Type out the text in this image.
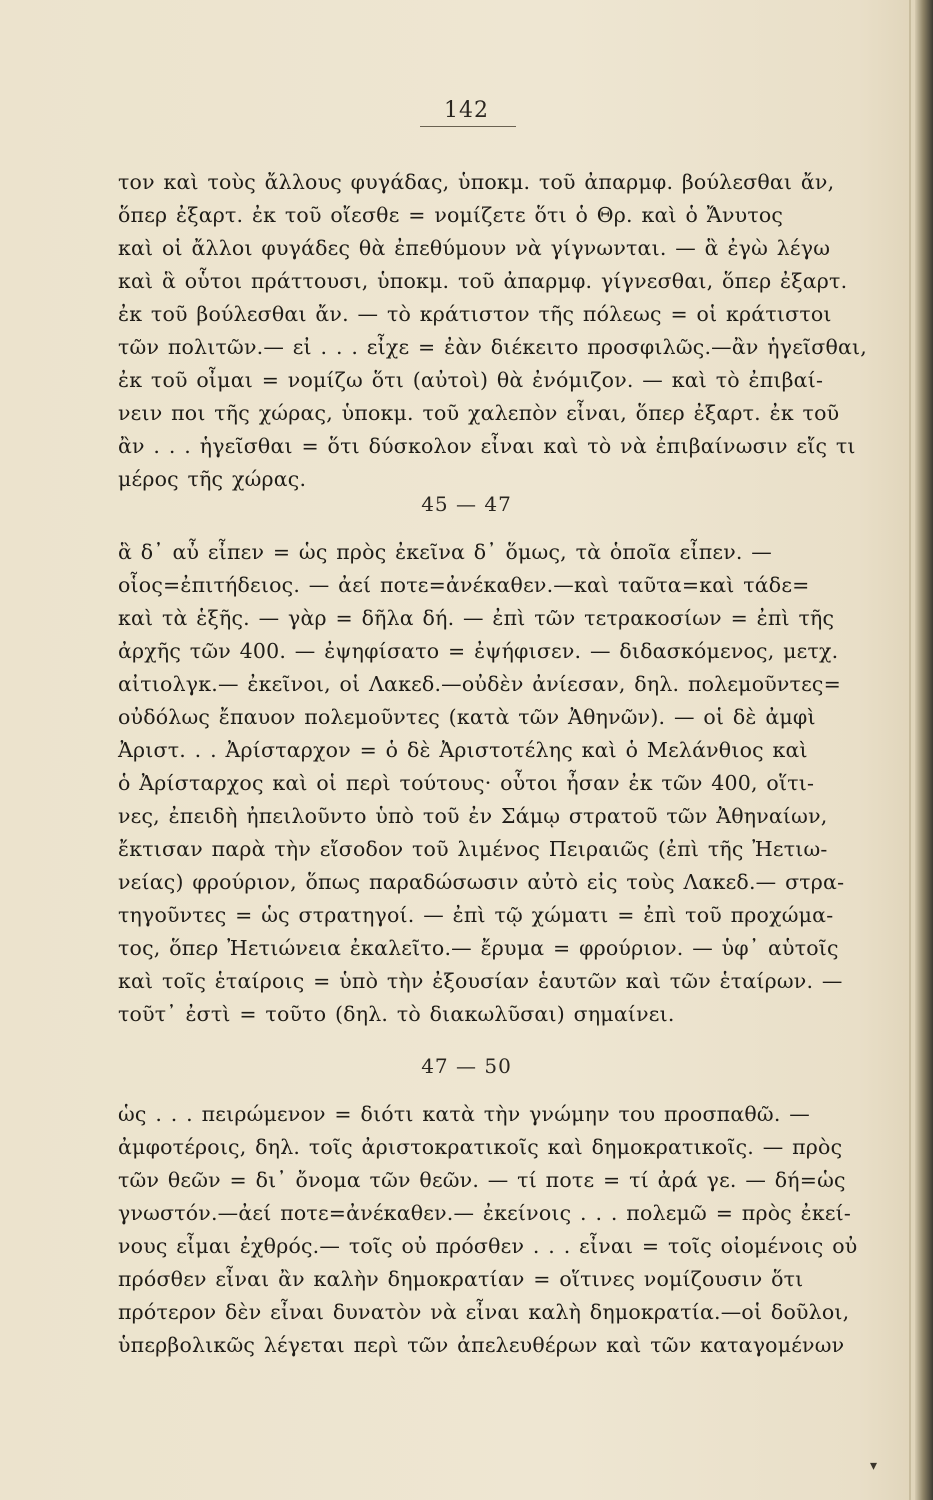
142
τον καὶ τοὺς ἄλλους φυγάδας, ὑποκμ. τοῦ ἀπαρμφ. βούλεσθαι ἄν,
ὅπερ ἐξαρτ. ἐκ τοῦ οἴεσθε = νομίζετε ὅτι ὁ Θρ. καὶ ὁ Ἄνυτος
καὶ οἱ ἄλλοι φυγάδες θὰ ἐπεθύμουν νὰ γίγνωνται. — ἃ ἐγὼ λέγω
καὶ ἃ οὗτοι πράττουσι, ὑποκμ. τοῦ ἀπαρμφ. γίγνεσθαι, ὅπερ ἐξαρτ.
ἐκ τοῦ βούλεσθαι ἄν. — τὸ κράτιστον τῆς πόλεως = οἱ κράτιστοι
τῶν πολιτῶν.— εἰ . . . εἶχε = ἐὰν διέκειτο προσφιλῶς.—ἂν ἡγεῖσθαι,
ἐκ τοῦ οἶμαι = νομίζω ὅτι (αὐτοὶ) θὰ ἐνόμιζον. — καὶ τὸ ἐπιβαί-
νειν ποι τῆς χώρας, ὑποκμ. τοῦ χαλεπὸν εἶναι, ὅπερ ἐξαρτ. ἐκ τοῦ
ἂν . . . ἡγεῖσθαι = ὅτι δύσκολον εἶναι καὶ τὸ νὰ ἐπιβαίνωσιν εἴς τι
μέρος τῆς χώρας.
45 — 47
ἃ δ᾽ αὖ εἶπεν = ὡς πρὸς ἐκεῖνα δ᾽ ὅμως, τὰ ὁποῖα εἶπεν. —
οἷος=ἐπιτήδειος. — ἀεί ποτε=ἀνέκαθεν.—καὶ ταῦτα=καὶ τάδε=
καὶ τὰ ἑξῆς. — γὰρ = δῆλα δή. — ἐπὶ τῶν τετρακοσίων = ἐπὶ τῆς
ἀρχῆς τῶν 400. — ἐψηφίσατο = ἐψήφισεν. — διδασκόμενος, μετχ.
αἰτιολγκ.— ἐκεῖνοι, οἱ Λακεδ.—οὐδὲν ἀνίεσαν, δηλ. πολεμοῦντες=
οὐδόλως ἔπαυον πολεμοῦντες (κατὰ τῶν Ἀθηνῶν). — οἱ δὲ ἀμφὶ
Ἀριστ. . . Ἀρίσταρχον = ὁ δὲ Ἀριστοτέλης καὶ ὁ Μελάνθιος καὶ
ὁ Ἀρίσταρχος καὶ οἱ περὶ τούτους· οὗτοι ἦσαν ἐκ τῶν 400, οἵτι-
νες, ἐπειδὴ ἠπειλοῦντο ὑπὸ τοῦ ἐν Σάμῳ στρατοῦ τῶν Ἀθηναίων,
ἔκτισαν παρὰ τὴν εἴσοδον τοῦ λιμένος Πειραιῶς (ἐπὶ τῆς Ἠετιω-
νείας) φρούριον, ὅπως παραδώσωσιν αὐτὸ εἰς τοὺς Λακεδ.— στρα-
τηγοῦντες = ὡς στρατηγοί. — ἐπὶ τῷ χώματι = ἐπὶ τοῦ προχώμα-
τος, ὅπερ Ἠετιώνεια ἐκαλεῖτο.— ἔρυμα = φρούριον. — ὑφ᾽ αὑτοῖς
καὶ τοῖς ἑταίροις = ὑπὸ τὴν ἐξουσίαν ἑαυτῶν καὶ τῶν ἑταίρων. —
τοῦτ᾽ ἐστὶ = τοῦτο (δηλ. τὸ διακωλῦσαι) σημαίνει.
47 — 50
ὡς . . . πειρώμενον = διότι κατὰ τὴν γνώμην του προσπαθῶ. —
ἀμφοτέροις, δηλ. τοῖς ἀριστοκρατικοῖς καὶ δημοκρατικοῖς. — πρὸς
τῶν θεῶν = δι᾽ ὄνομα τῶν θεῶν. — τί ποτε = τί ἀρά γε. — δή=ὡς
γνωστόν.—ἀεί ποτε=ἀνέκαθεν.— ἐκείνοις . . . πολεμῶ = πρὸς ἐκεί-
νους εἶμαι ἐχθρός.— τοῖς οὐ πρόσθεν . . . εἶναι = τοῖς οἰομένοις οὐ
πρόσθεν εἶναι ἂν καλὴν δημοκρατίαν = οἵτινες νομίζουσιν ὅτι
πρότερον δὲν εἶναι δυνατὸν νὰ εἶναι καλὴ δημοκρατία.—οἱ δοῦλοι,
ὑπερβολικῶς λέγεται περὶ τῶν ἀπελευθέρων καὶ τῶν καταγομένων
▾
